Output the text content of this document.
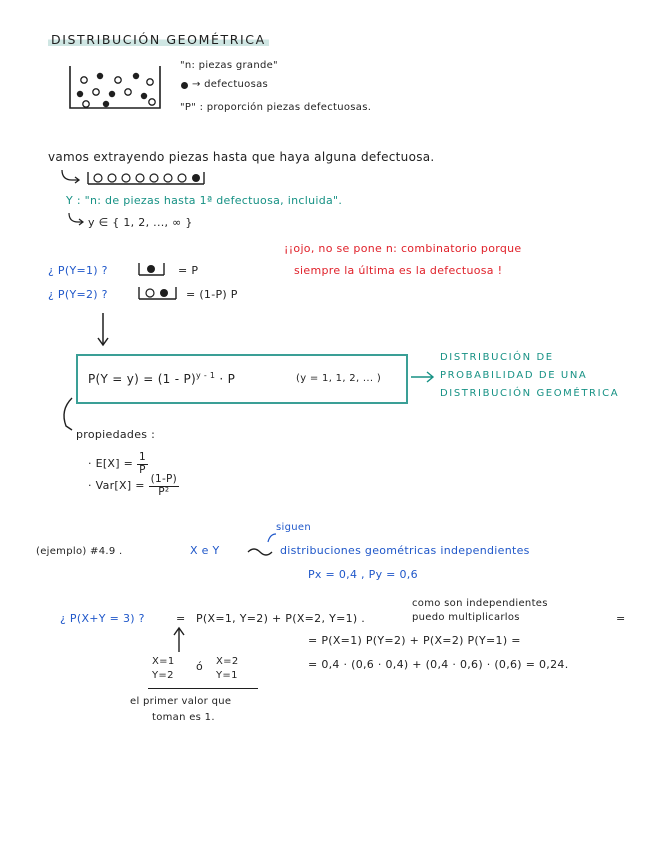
DISTRIBUCIÓN GEOMÉTRICA
"n: piezas grande"
→ defectuosas
"P" : proporción piezas defectuosas.
vamos extrayendo piezas hasta que haya alguna defectuosa.
Y : "n: de piezas hasta 1ª defectuosa, incluida".
y ∈ { 1, 2, ..., ∞ }
¡¡ojo, no se pone n: combinatorio porque
siempre la última es la defectuosa !
¿ P(Y=1) ?	= P
¿ P(Y=2) ?	= (1-P) P
P(Y = y) = (1 - P)$^{y - 1}$ · P	(y = 1, 1, 2, ... )
DISTRIBUCIÓN DE
PROBABILIDAD DE UNA
DISTRIBUCIÓN GEOMÉTRICA
propiedades :
· $E[X] = \frac{1}{P}$
· $Var[X] = \frac{(1-P)}{\text{P²}}$
(ejemplo) #4.9 .	X e Y
siguen
distribuciones geométricas independientes
Px = 0,4 , Py = 0,6
¿ P(X+Y = 3) ?	= P(X=1, Y=2) + P(X=2, Y=1) .
como son independientes
puedo multiplicarlos	=
= P(X=1) P(Y=2) + P(X=2) P(Y=1) =
= 0,4 · (0,6 · 0,4) + (0,4 · 0,6) · (0,6) = 0,24.
X=1
Y=2
ó X=2
Y=1
el primer valor que
toman es 1.
